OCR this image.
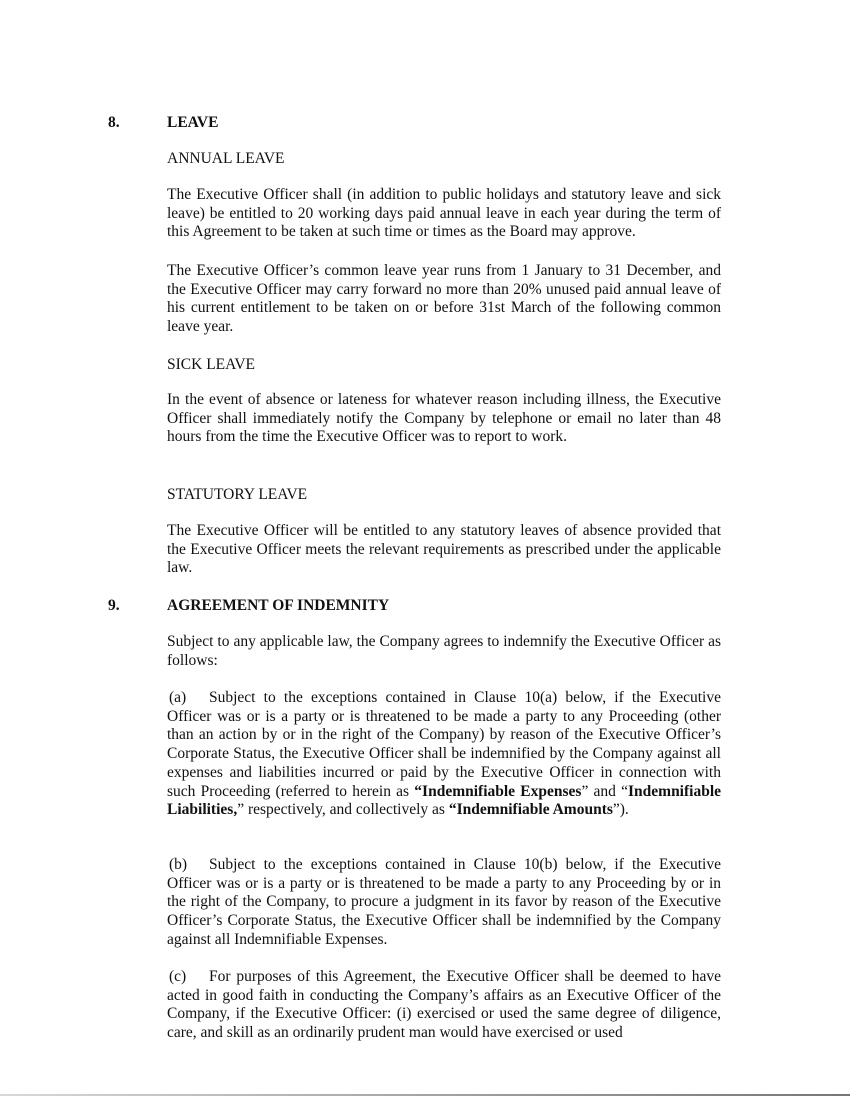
8.	LEAVE
ANNUAL LEAVE

The Executive Officer shall (in addition to public holidays and statutory leave and sick leave) be entitled to 20 working days paid annual leave in each year during the term of this Agreement to be taken at such time or times as the Board may approve.

The Executive Officer’s common leave year runs from 1 January to 31 December, and the Executive Officer may carry forward no more than 20% unused paid annual leave of his current entitlement to be taken on or before 31st March of the following common leave year.

SICK LEAVE

In the event of absence or lateness for whatever reason including illness, the Executive Officer shall immediately notify the Company by telephone or email no later than 48 hours from the time the Executive Officer was to report to work.

STATUTORY LEAVE

The Executive Officer will be entitled to any statutory leaves of absence provided that the Executive Officer meets the relevant requirements as prescribed under the applicable law.

9.	AGREEMENT OF INDEMNITY

Subject to any applicable law, the Company agrees to indemnify the Executive Officer as follows:

(a) Subject to the exceptions contained in Clause 10(a) below, if the Executive Officer was or is a party or is threatened to be made a party to any Proceeding (other than an action by or in the right of the Company) by reason of the Executive Officer’s Corporate Status, the Executive Officer shall be indemnified by the Company against all expenses and liabilities incurred or paid by the Executive Officer in connection with such Proceeding (referred to herein as “Indemnifiable Expenses” and “Indemnifiable Liabilities,” respectively, and collectively as “Indemnifiable Amounts”).

(b) Subject to the exceptions contained in Clause 10(b) below, if the Executive Officer was or is a party or is threatened to be made a party to any Proceeding by or in the right of the Company, to procure a judgment in its favor by reason of the Executive Officer’s Corporate Status, the Executive Officer shall be indemnified by the Company against all Indemnifiable Expenses.

(c) For purposes of this Agreement, the Executive Officer shall be deemed to have acted in good faith in conducting the Company’s affairs as an Executive Officer of the Company, if the Executive Officer: (i) exercised or used the same degree of diligence, care, and skill as an ordinarily prudent man would have exercised or used
